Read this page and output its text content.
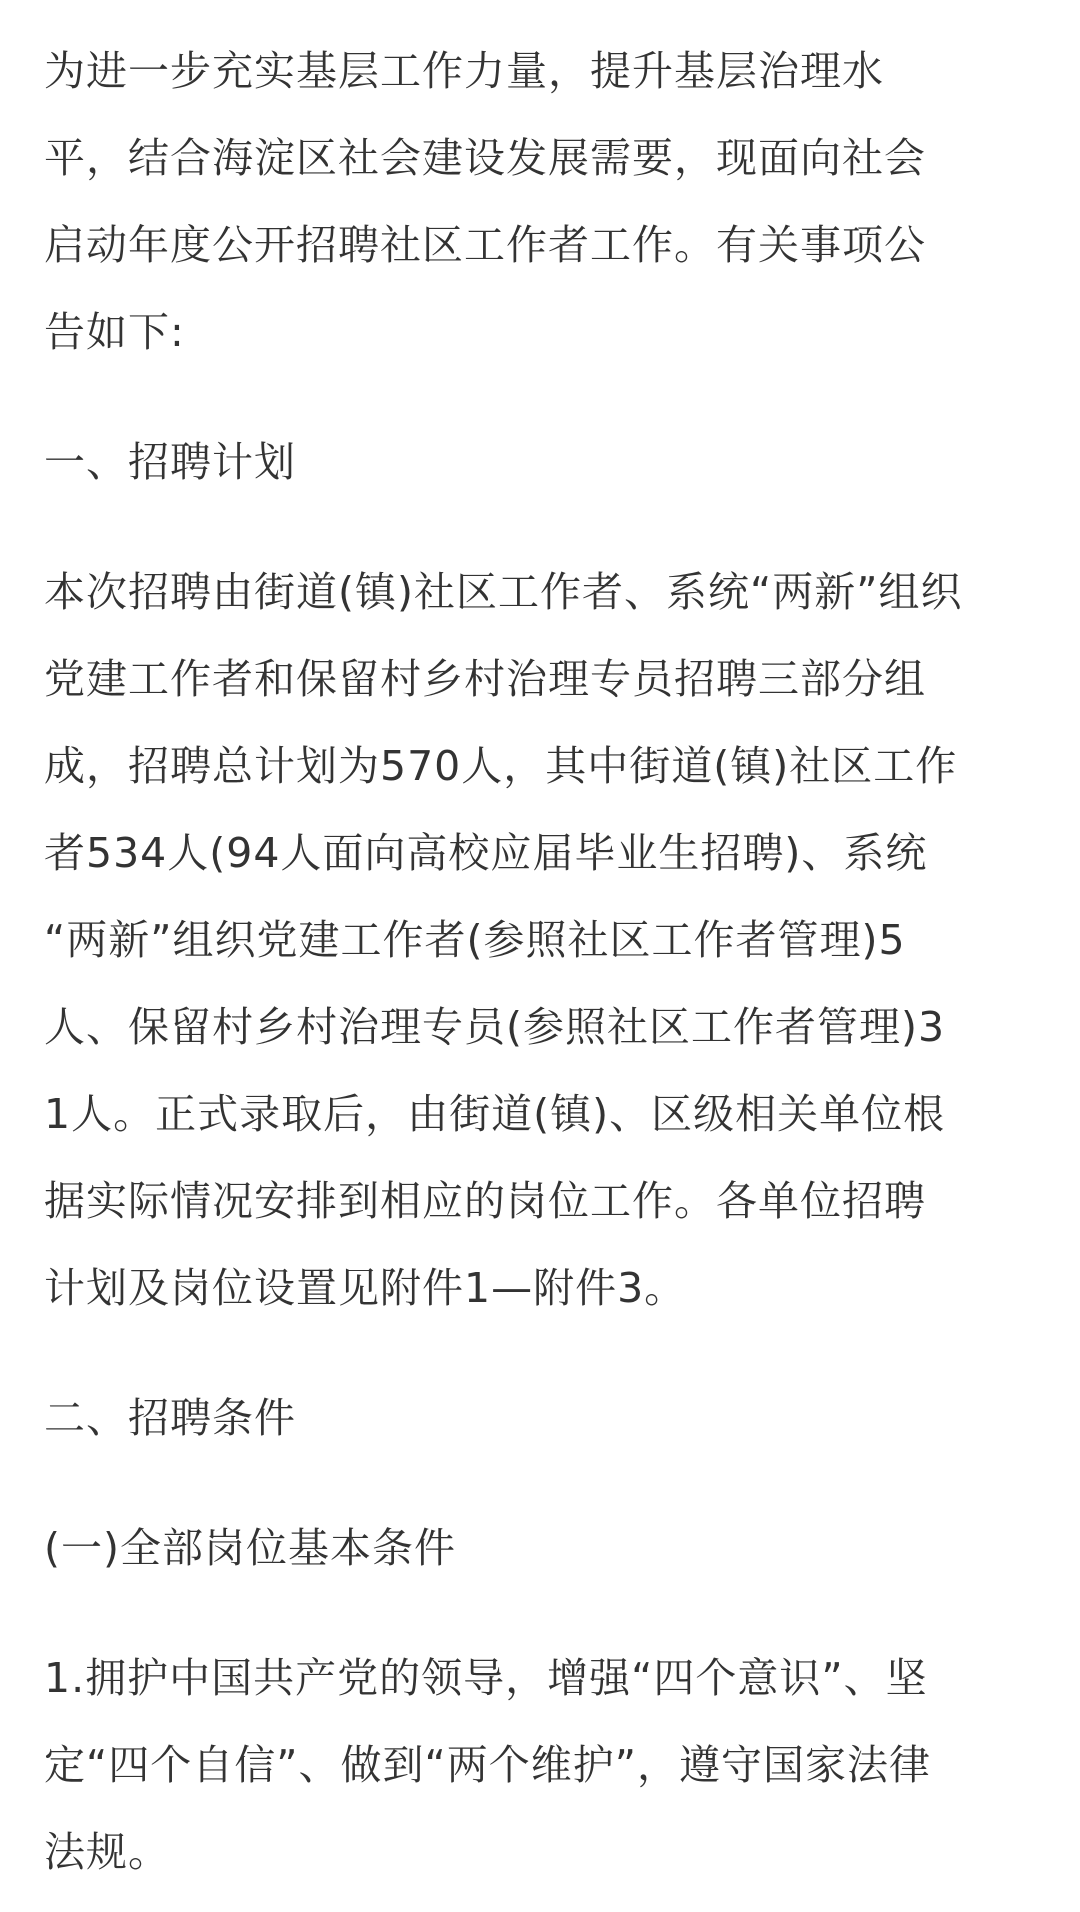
为进一步充实基层工作力量，提升基层治理水
平，结合海淀区社会建设发展需要，现面向社会
启动年度公开招聘社区工作者工作。有关事项公
告如下:

一、招聘计划

本次招聘由街道(镇)社区工作者、系统“两新”组织
党建工作者和保留村乡村治理专员招聘三部分组
成，招聘总计划为570人，其中街道(镇)社区工作
者534人(94人面向高校应届毕业生招聘)、系统
“两新”组织党建工作者(参照社区工作者管理)5
人、保留村乡村治理专员(参照社区工作者管理)3
1人。正式录取后，由街道(镇)、区级相关单位根
据实际情况安排到相应的岗位工作。各单位招聘
计划及岗位设置见附件1—附件3。

二、招聘条件

(一)全部岗位基本条件

1.拥护中国共产党的领导，增强“四个意识”、坚
定“四个自信”、做到“两个维护”，遵守国家法律
法规。
